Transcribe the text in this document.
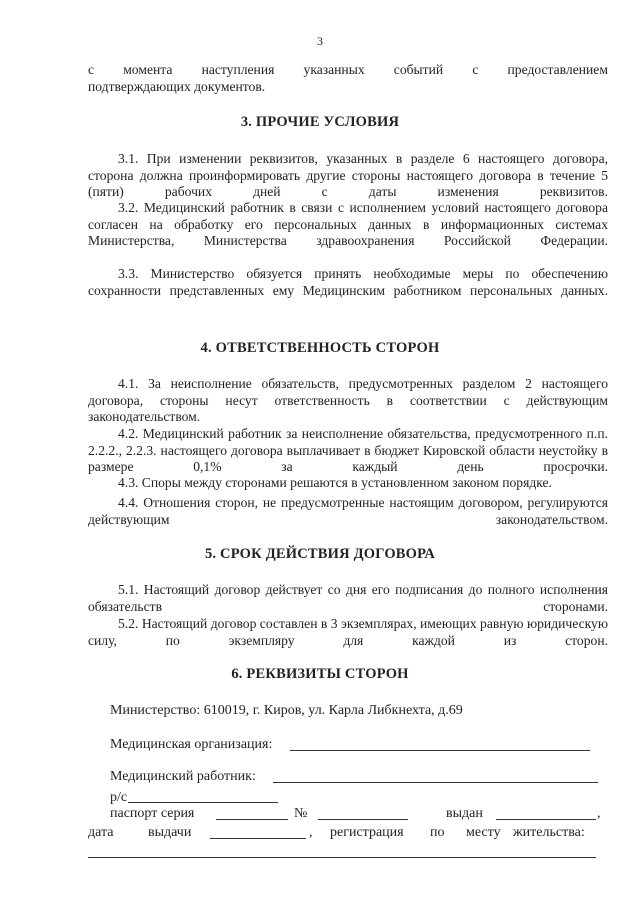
3
с момента наступления указанных событий с предоставлением

подтверждающих документов.

3. ПРОЧИЕ УСЛОВИЯ

3.1. При изменении реквизитов, указанных в разделе 6 настоящего договора, сторона должна проинформировать другие стороны настоящего договора в течение 5 (пяти) рабочих дней с даты изменения реквизитов.

3.2. Медицинский работник в связи с исполнением условий настоящего договора согласен на обработку его персональных данных в информационных системах Министерства, Министерства здравоохранения Российской Федерации.

3.3. Министерство обязуется принять необходимые меры по обеспечению сохранности представленных ему Медицинским работником персональных данных.

4. ОТВЕТСТВЕННОСТЬ СТОРОН

4.1. За неисполнение обязательств, предусмотренных разделом 2 настоящего договора, стороны несут ответственность в соответствии с действующим законодательством.

4.2. Медицинский работник за неисполнение обязательства, предусмотренного п.п. 2.2.2., 2.2.3. настоящего договора выплачивает в бюджет Кировской области неустойку в размере 0,1% за каждый день просрочки.

4.3. Споры между сторонами решаются в установленном законом порядке.

4.4. Отношения сторон, не предусмотренные настоящим договором, регулируются действующим законодательством.

5. СРОК ДЕЙСТВИЯ ДОГОВОРА

5.1. Настоящий договор действует со дня его подписания до полного исполнения обязательств сторонами.

5.2. Настоящий договор составлен в 3 экземплярах, имеющих равную юридическую силу, по экземпляру для каждой из сторон.

6. РЕКВИЗИТЫ СТОРОН
Министерство: 610019, г. Киров, ул. Карла Либкнехта, д.69
Медицинская организация:
Медицинский работник:
р/с
паспорт серия	№	выдан	,
дата выдачи	, регистрация по месту жительства:
